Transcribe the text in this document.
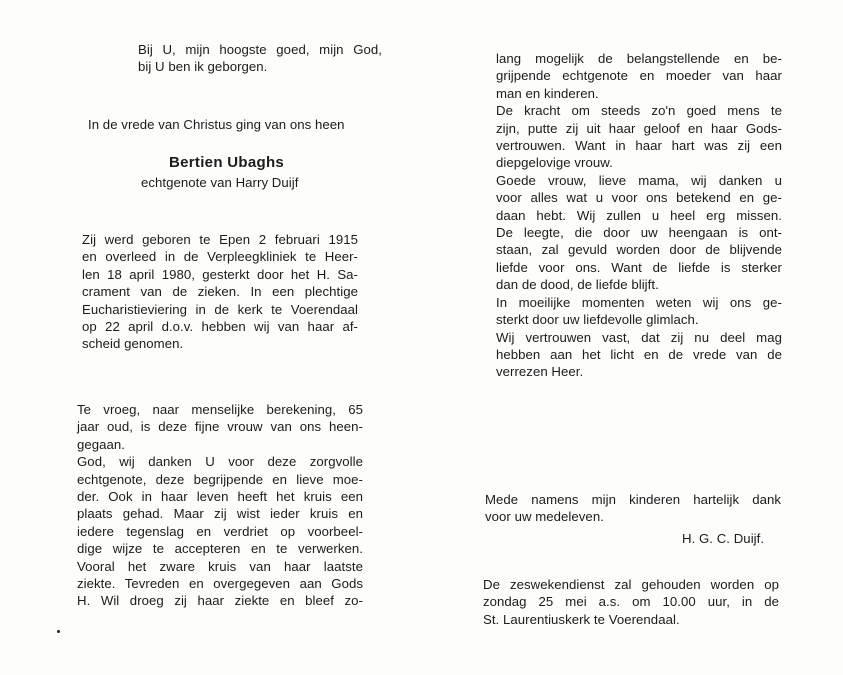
Bij U, mijn hoogste goed, mijn God,
bij U ben ik geborgen.
In de vrede van Christus ging van ons heen
Bertien Ubaghs
echtgenote van Harry Duijf
Zij werd geboren te Epen 2 februari 1915
en overleed in de Verpleegkliniek te Heer-
len 18 april 1980, gesterkt door het H. Sa-
crament van de zieken. In een plechtige
Eucharistieviering in de kerk te Voerendaal
op 22 april d.o.v. hebben wij van haar af-
scheid genomen.
Te vroeg, naar menselijke berekening, 65
jaar oud, is deze fijne vrouw van ons heen-
gegaan.
God, wij danken U voor deze zorgvolle
echtgenote, deze begrijpende en lieve moe-
der. Ook in haar leven heeft het kruis een
plaats gehad. Maar zij wist ieder kruis en
iedere tegenslag en verdriet op voorbeel-
dige wijze te accepteren en te verwerken.
Vooral het zware kruis van haar laatste
ziekte. Tevreden en overgegeven aan Gods
H. Wil droeg zij haar ziekte en bleef zo-
lang mogelijk de belangstellende en be-
grijpende echtgenote en moeder van haar
man en kinderen.
De kracht om steeds zo'n goed mens te
zijn, putte zij uit haar geloof en haar Gods-
vertrouwen. Want in haar hart was zij een
diepgelovige vrouw.
Goede vrouw, lieve mama, wij danken u
voor alles wat u voor ons betekend en ge-
daan hebt. Wij zullen u heel erg missen.
De leegte, die door uw heengaan is ont-
staan, zal gevuld worden door de blijvende
liefde voor ons. Want de liefde is sterker
dan de dood, de liefde blijft.
In moeilijke momenten weten wij ons ge-
sterkt door uw liefdevolle glimlach.
Wij vertrouwen vast, dat zij nu deel mag
hebben aan het licht en de vrede van de
verrezen Heer.
Mede namens mijn kinderen hartelijk dank
voor uw medeleven.
H. G. C. Duijf.
De zeswekendienst zal gehouden worden op
zondag 25 mei a.s. om 10.00 uur, in de
St. Laurentiuskerk te Voerendaal.
